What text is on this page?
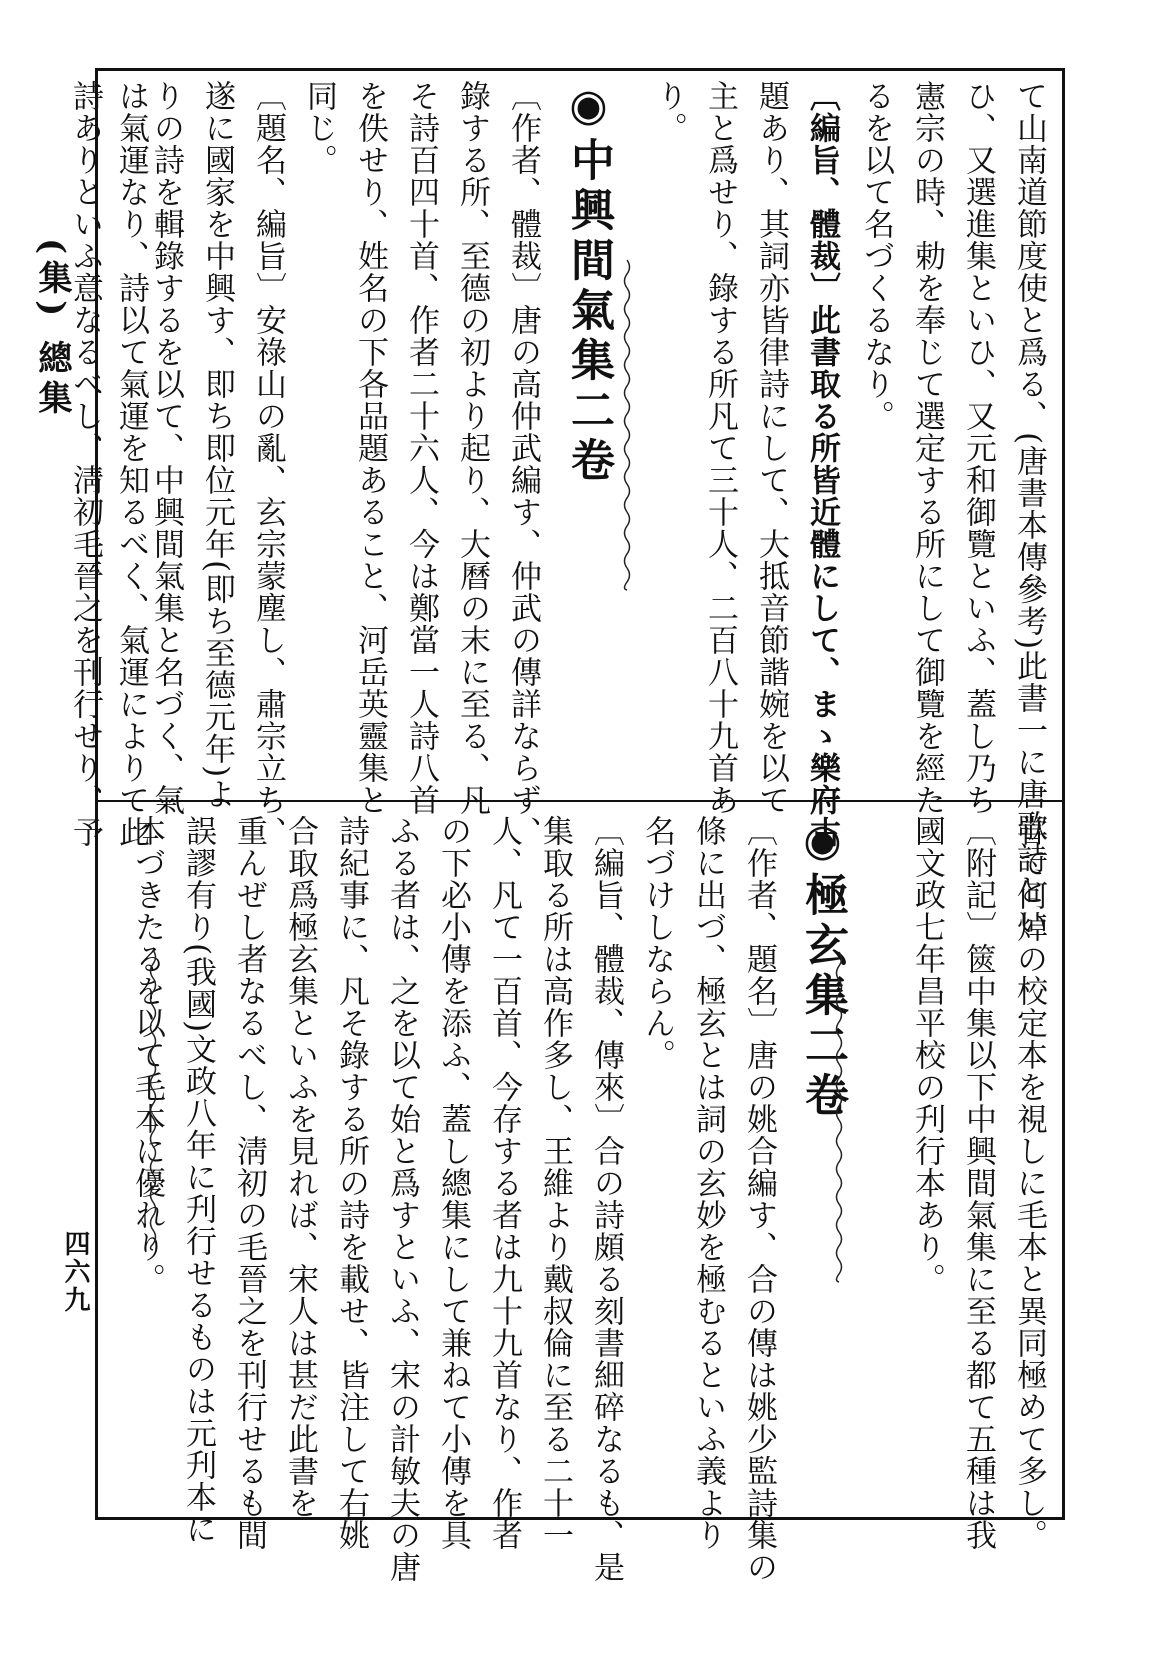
(集) 總集
四六九
て山南道節度使と爲る、(唐書本傳參考)此書一に唐歌詩とい
ひ、又選進集といひ、又元和御覽といふ、蓋し乃ち
憲宗の時、勅を奉じて選定する所にして御覽を經た
るを以て名づくるなり。
〔編旨、體裁〕此書取る所皆近體にして、まゝ樂府古
題あり、其詞亦皆律詩にして、大抵音節諧婉を以て
主と爲せり、錄する所凡て三十人、二百八十九首あ
り。
◉中興間氣集二卷
〔作者、體裁〕唐の高仲武編す、仲武の傳詳ならず、
錄する所、至德の初より起り、大曆の末に至る、凡
そ詩百四十首、作者二十六人、今は鄭當一人詩八首
を佚せり、姓名の下各品題あること、河岳英靈集と
同じ。
〔題名、編旨〕安祿山の亂、玄宗蒙塵し、肅宗立ち、
遂に國家を中興す、即ち即位元年(即ち至德元年)よ
りの詩を輯錄するを以て、中興間氣集と名づく、氣
は氣運なり、詩以て氣運を知るべく、氣運によりて此
詩ありといふ意なるべし、淸初毛晉之を刊行せり、予
甞て何焯の校定本を視しに毛本と異同極めて多し。
〔附記〕篋中集以下中興間氣集に至る都て五種は我
國文政七年昌平校の刋行本あり。
◉極玄集二卷
〔作者、題名〕唐の姚合編す、合の傳は姚少監詩集の
條に出づ、極玄とは詞の玄妙を極むるといふ義より
名づけしならん。
〔編旨、體裁、傳來〕合の詩頗る刻書細碎なるも、是
集取る所は高作多し、王維より戴叔倫に至る二十一
人、凡て一百首、今存する者は九十九首なり、作者
の下必小傳を添ふ、蓋し總集にして兼ねて小傳を具
ふる者は、之を以て始と爲すといふ、宋の計敏夫の唐
詩紀事に、凡そ錄する所の詩を載せ、皆注して右姚
合取爲極玄集といふを見れば、宋人は甚だ此書を
重んぜし者なるべし、淸初の毛晉之を刊行せるも間
誤謬有り(我國)文政八年に刋行せるものは元刋本に
本づきたるを以て毛本に優れり。
